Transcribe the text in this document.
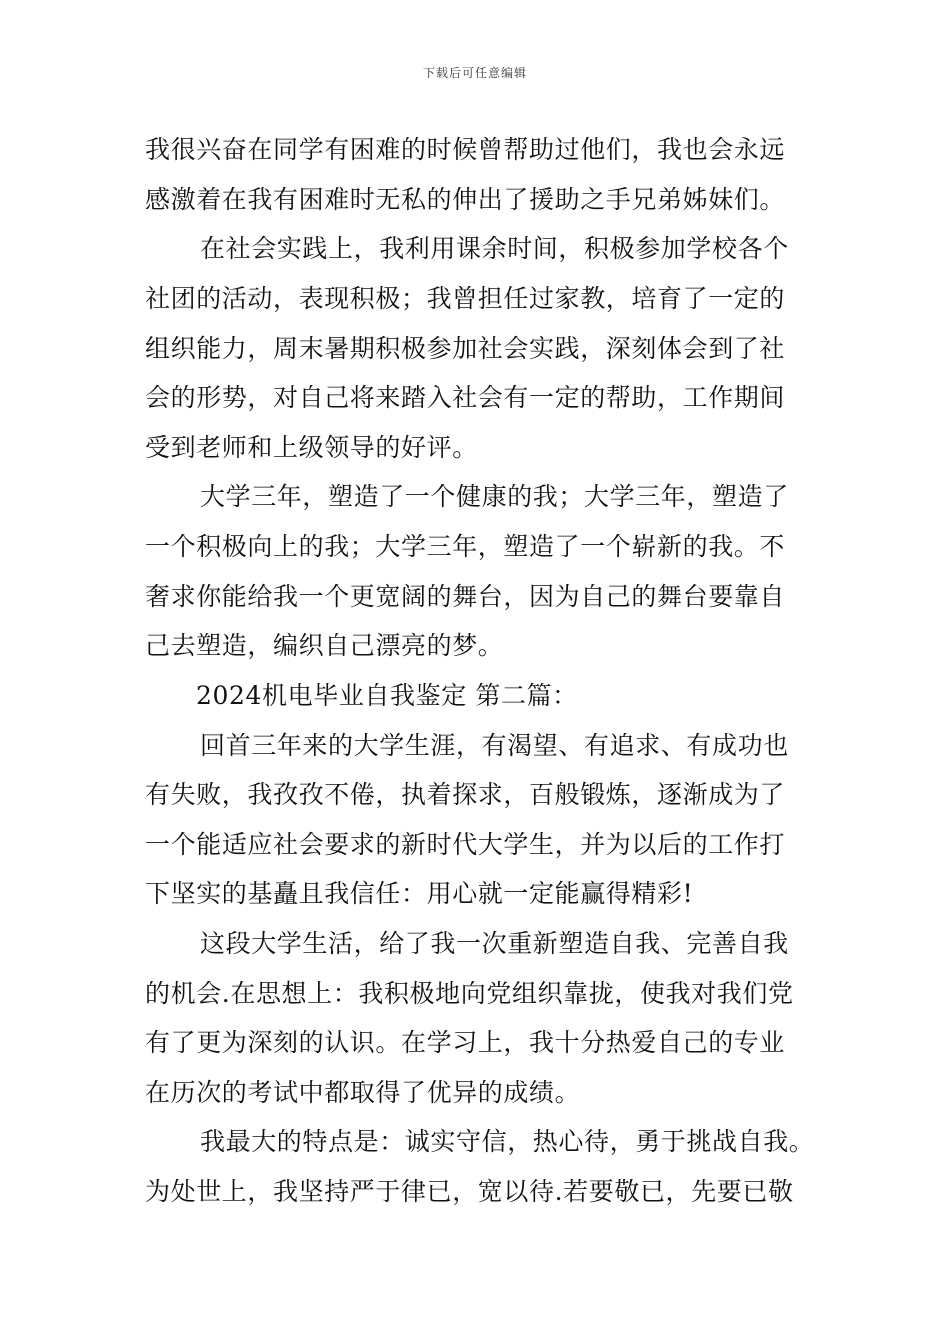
下载后可任意编辑
我很兴奋在同学有困难的时候曾帮助过他们，我也会永远
感激着在我有困难时无私的伸出了援助之手兄弟姊妹们。
在社会实践上，我利用课余时间，积极参加学校各个
社团的活动，表现积极；我曾担任过家教，培育了一定的
组织能力，周末暑期积极参加社会实践，深刻体会到了社
会的形势，对自己将来踏入社会有一定的帮助，工作期间
受到老师和上级领导的好评。
大学三年，塑造了一个健康的我；大学三年，塑造了
一个积极向上的我；大学三年，塑造了一个崭新的我。不
奢求你能给我一个更宽阔的舞台，因为自己的舞台要靠自
己去塑造，编织自己漂亮的梦。
2024机电毕业自我鉴定 第二篇：
回首三年来的大学生涯，有渴望、有追求、有成功也
有失败，我孜孜不倦，执着探求，百般锻炼，逐渐成为了
一个能适应社会要求的新时代大学生，并为以后的工作打
下坚实的基矗且我信任：用心就一定能赢得精彩!
这段大学生活，给了我一次重新塑造自我、完善自我
的机会.在思想上：我积极地向党组织靠拢，使我对我们党
有了更为深刻的认识。在学习上，我十分热爱自己的专业
在历次的考试中都取得了优异的成绩。
我最大的特点是：诚实守信，热心待，勇于挑战自我。
为处世上，我坚持严于律已，宽以待.若要敬已，先要已敬
